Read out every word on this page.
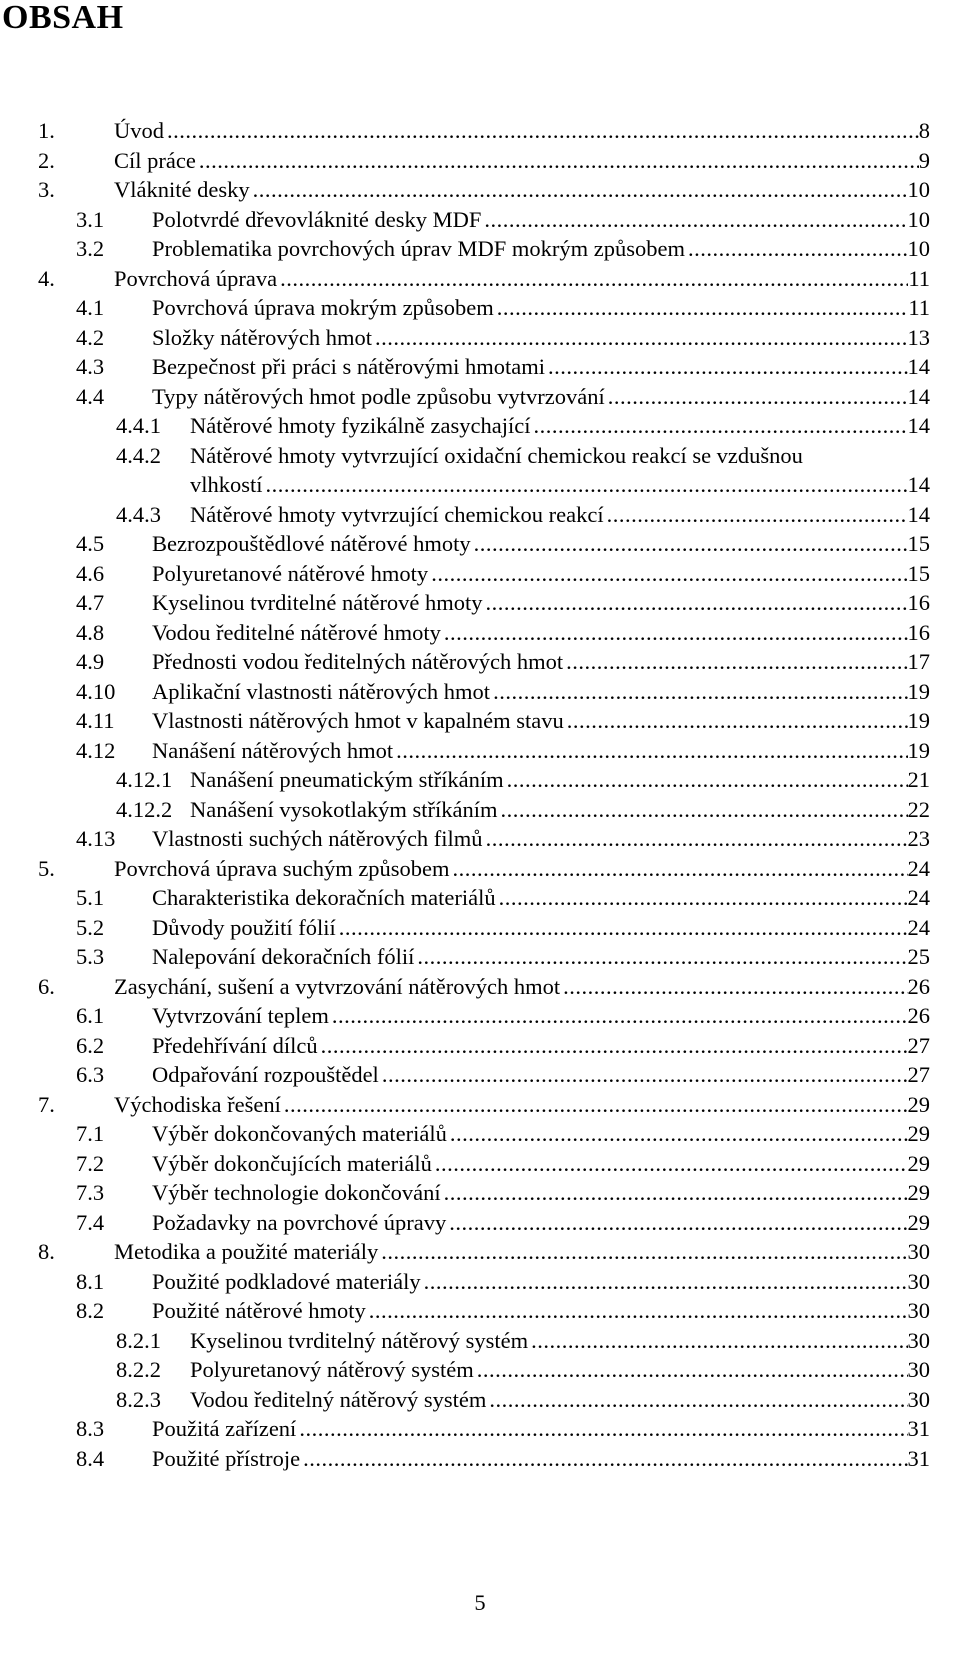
OBSAH
1.	Úvod .....	8
2.	Cíl práce .....	9
3.	Vláknité desky .....	10
3.1 Polotvrdé dřevovláknité desky MDF .....	10
3.2 Problematika povrchových úprav MDF mokrým způsobem .....	10
4.	Povrchová úprava .....	11
4.1 Povrchová úprava mokrým způsobem .....	11
4.2 Složky nátěrových hmot .....	13
4.3 Bezpečnost při práci s nátěrovými hmotami .....	14
4.4 Typy nátěrových hmot podle způsobu vytvrzování .....	14
4.4.1 Nátěrové hmoty fyzikálně zasychající .....	14
4.4.2 Nátěrové hmoty vytvrzující oxidační chemickou reakcí se vzdušnou
vlhkostí .....	14
4.4.3 Nátěrové hmoty vytvrzující chemickou reakcí .....	14
4.5 Bezrozpouštědlové nátěrové hmoty .....	15
4.6 Polyuretanové nátěrové hmoty .....	15
4.7 Kyselinou tvrditelné nátěrové hmoty .....	16
4.8 Vodou ředitelné nátěrové hmoty .....	16
4.9 Přednosti vodou ředitelných nátěrových hmot .....	17
4.10 Aplikační vlastnosti nátěrových hmot .....	19
4.11 Vlastnosti nátěrových hmot v kapalném stavu .....	19
4.12 Nanášení nátěrových hmot .....	19
4.12.1 Nanášení pneumatickým stříkáním .....	21
4.12.2 Nanášení vysokotlakým stříkáním .....	22
4.13 Vlastnosti suchých nátěrových filmů .....	23
5.	Povrchová úprava suchým způsobem .....	24
5.1 Charakteristika dekoračních materiálů .....	24
5.2 Důvody použití fólií .....	24
5.3 Nalepování dekoračních fólií .....	25
6.	Zasychání, sušení a vytvrzování nátěrových hmot .....	26
6.1 Vytvrzování teplem .....	26
6.2 Předehřívání dílců .....	27
6.3 Odpařování rozpouštědel .....	27
7.	Východiska řešení .....	29
7.1 Výběr dokončovaných materiálů .....	29
7.2 Výběr dokončujících materiálů .....	29
7.3 Výběr technologie dokončování .....	29
7.4 Požadavky na povrchové úpravy .....	29
8.	Metodika a použité materiály .....	30
8.1 Použité podkladové materiály .....	30
8.2 Použité nátěrové hmoty .....	30
8.2.1 Kyselinou tvrditelný nátěrový systém .....	30
8.2.2 Polyuretanový nátěrový systém .....	30
8.2.3 Vodou ředitelný nátěrový systém .....	30
8.3 Použitá zařízení .....	31
8.4 Použité přístroje .....	31
5
